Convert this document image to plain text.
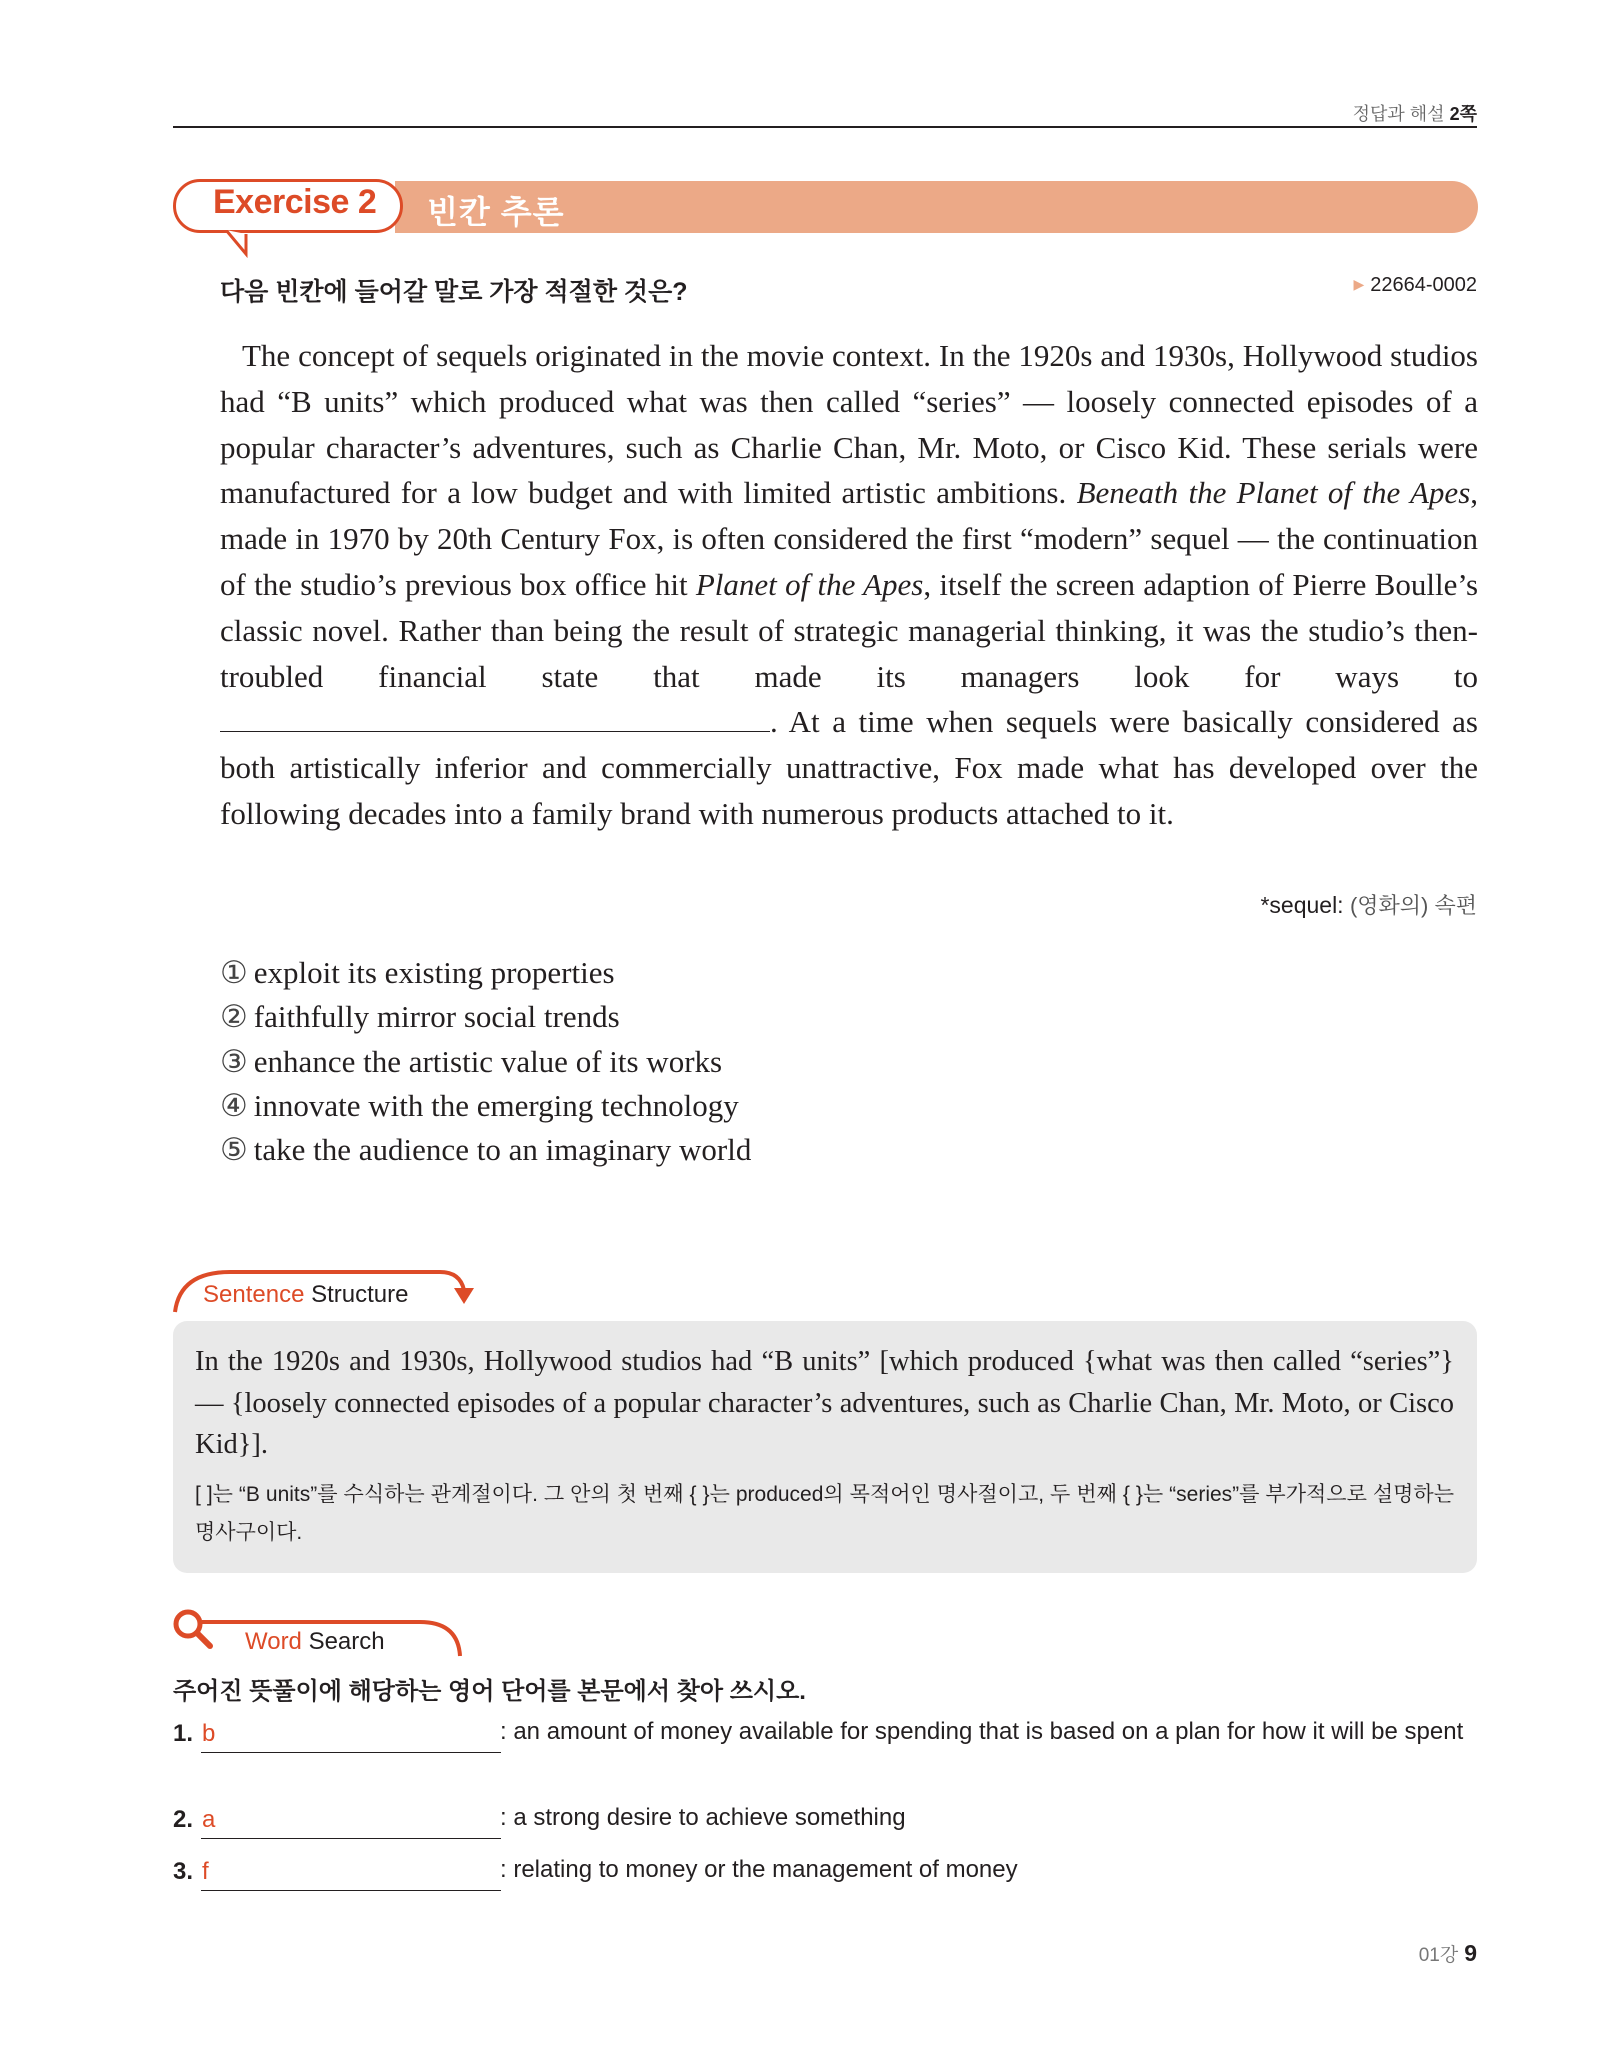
정답과 해설 2쪽
Exercise 2 빈칸 추론
다음 빈칸에 들어갈 말로 가장 적절한 것은?	▶ 22664-0002

The concept of sequels originated in the movie context. In the 1920s and 1930s, Hollywood studios had “B units” which produced what was then called “series” — loosely connected episodes of a popular character’s adventures, such as Charlie Chan, Mr. Moto, or Cisco Kid. These serials were manufactured for a low budget and with limited artistic ambitions. Beneath the Planet of the Apes, made in 1970 by 20th Century Fox, is often considered the first “modern” sequel — the continuation of the studio’s previous box office hit Planet of the Apes, itself the screen adaption of Pierre Boulle’s classic novel. Rather than being the result of strategic managerial thinking, it was the studio’s then-troubled financial state that made its managers look for ways to . At a time when sequels were basically considered as both artistically inferior and commercially unattractive, Fox made what has developed over the following decades into a family brand with numerous products attached to it.

*sequel: (영화의) 속편
① exploit its existing properties
② faithfully mirror social trends
③ enhance the artistic value of its works
④ innovate with the emerging technology
⑤ take the audience to an imaginary world
Sentence Structure

In the 1920s and 1930s, Hollywood studios had “B units” [which produced {what was then called “series”} — {loosely connected episodes of a popular character’s adventures, such as Charlie Chan, Mr. Moto, or Cisco Kid}].

[ ]는 “B units”를 수식하는 관계절이다. 그 안의 첫 번째 { }는 produced의 목적어인 명사절이고, 두 번째 { }는 “series”를 부가적으로 설명하는 명사구이다.
Word Search
주어진 뜻풀이에 해당하는 영어 단어를 본문에서 찾아 쓰시오.
1. b	: an amount of money available for spending that is based on a plan for how it will be spent
2. a	: a strong desire to achieve something
3. f	: relating to money or the management of money
01강 9
